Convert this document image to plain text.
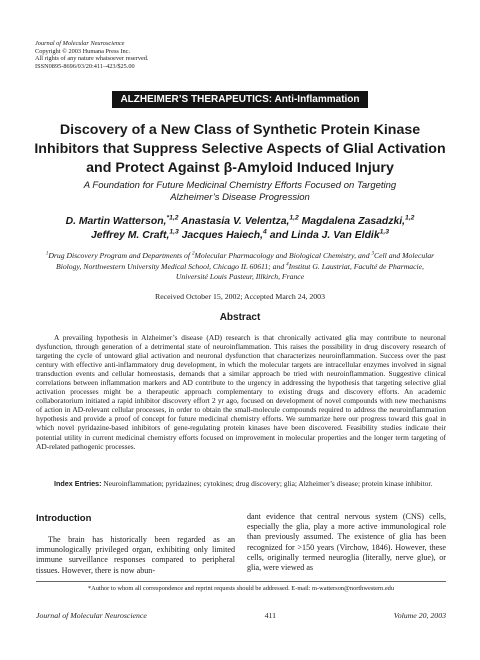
Journal of Molecular Neuroscience
Copyright © 2003 Humana Press Inc.
All rights of any nature whatsoever reserved.
ISSN0895-8696/03/20:411–423/$25.00
ALZHEIMER’S THERAPEUTICS: Anti-Inflammation
Discovery of a New Class of Synthetic Protein Kinase Inhibitors that Suppress Selective Aspects of Glial Activation and Protect Against β-Amyloid Induced Injury
A Foundation for Future Medicinal Chemistry Efforts Focused on Targeting Alzheimer’s Disease Progression
D. Martin Watterson,$^{*1,2}$ Anastasia V. Velentza,$^{1,2}$ Magdalena Zasadzki,$^{1,2}$
Jeffrey M. Craft,$^{1,3}$ Jacques Haiech,$^4$ and Linda J. Van Eldik$^{1,3}$
$^1$Drug Discovery Program and Departments of $^2$Molecular Pharmacology and Biological Chemistry, and $^3$Cell and Molecular Biology, Northwestern University Medical School, Chicago IL 60611; and $^4$Institut G. Laustriat, Faculté de Pharmacie, Université Louis Pasteur, Illkirch, France
Received October 15, 2002; Accepted March 24, 2003
Abstract

A prevailing hypothesis in Alzheimer’s disease (AD) research is that chronically activated glia may contribute to neuronal dysfunction, through generation of a detrimental state of neuroinflammation. This raises the possibility in drug discovery research of targeting the cycle of untoward glial activation and neuronal dysfunction that characterizes neuroinflammation. Success over the past century with effective anti-inflammatory drug development, in which the molecular targets are intracellular enzymes involved in signal transduction events and cellular homeostasis, demands that a similar approach be tried with neuroinflammation. Suggestive clinical correlations between inflammation markers and AD contribute to the urgency in addressing the hypothesis that targeting selective glial activation processes might be a therapeutic approach complementary to existing drugs and discovery efforts. An academic collaboratorium initiated a rapid inhibitor discovery effort 2 yr ago, focused on development of novel compounds with new mechanisms of action in AD-relevant cellular processes, in order to obtain the small-molecule compounds required to address the neuroinflammation hypothesis and provide a proof of concept for future medicinal chemistry efforts. We summarize here our progress toward this goal in which novel pyridazine-based inhibitors of gene-regulating protein kinases have been discovered. Feasibility studies indicate their potential utility in current medicinal chemistry efforts focused on improvement in molecular properties and the longer term targeting of AD-related pathogenic processes.

Index Entries: Neuroinflammation; pyridazines; cytokines; drug discovery; glia; Alzheimer’s disease; protein kinase inhibitor.

Introduction

The brain has historically been regarded as an immunologically privileged organ, exhibiting only limited immune surveillance responses compared to peripheral tissues. However, there is now abun-

dant evidence that central nervous system (CNS) cells, especially the glia, play a more active immunological role than previously assumed. The existence of glia has been recognized for >150 years (Virchow, 1846). However, these cells, originally termed neuroglia (literally, nerve glue), or glia, were viewed as

*Author to whom all correspondence and reprint requests should be addressed. E-mail: m-watterson@northwestern.edu
Journal of Molecular Neuroscience	411	Volume 20, 2003
